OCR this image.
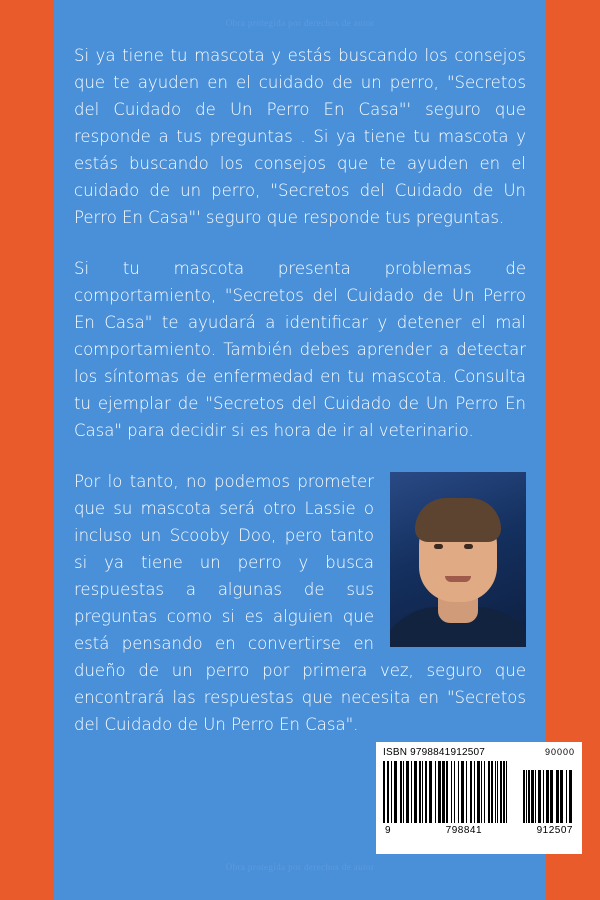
Obra protegida por derechos de autor
Obra protegida por derechos de autor

Si ya tiene tu mascota y estás buscando los consejos que te ayuden en el cuidado de un perro, "Secretos del Cuidado de Un Perro En Casa"' seguro que responde a tus preguntas . Si ya tiene tu mascota y estás buscando los consejos que te ayuden en el cuidado de un perro, "Secretos del Cuidado de Un Perro En Casa"' seguro que responde tus preguntas.

Si tu mascota presenta problemas de comportamiento, "Secretos del Cuidado de Un Perro En Casa" te ayudará a identificar y detener el mal comportamiento. También debes aprender a detectar los síntomas de enfermedad en tu mascota. Consulta tu ejemplar de "Secretos del Cuidado de Un Perro En Casa" para decidir si es hora de ir al veterinario.

Por lo tanto, no podemos prometer que su mascota será otro Lassie o incluso un Scooby Doo, pero tanto si ya tiene un perro y busca respuestas a algunas de sus preguntas como si es alguien que está pensando en convertirse en dueño de un perro por primera vez, seguro que encontrará las respuestas que necesita en "Secretos del Cuidado de Un Perro En Casa".

ISBN 9798841912507	90000
9	798841	912507
